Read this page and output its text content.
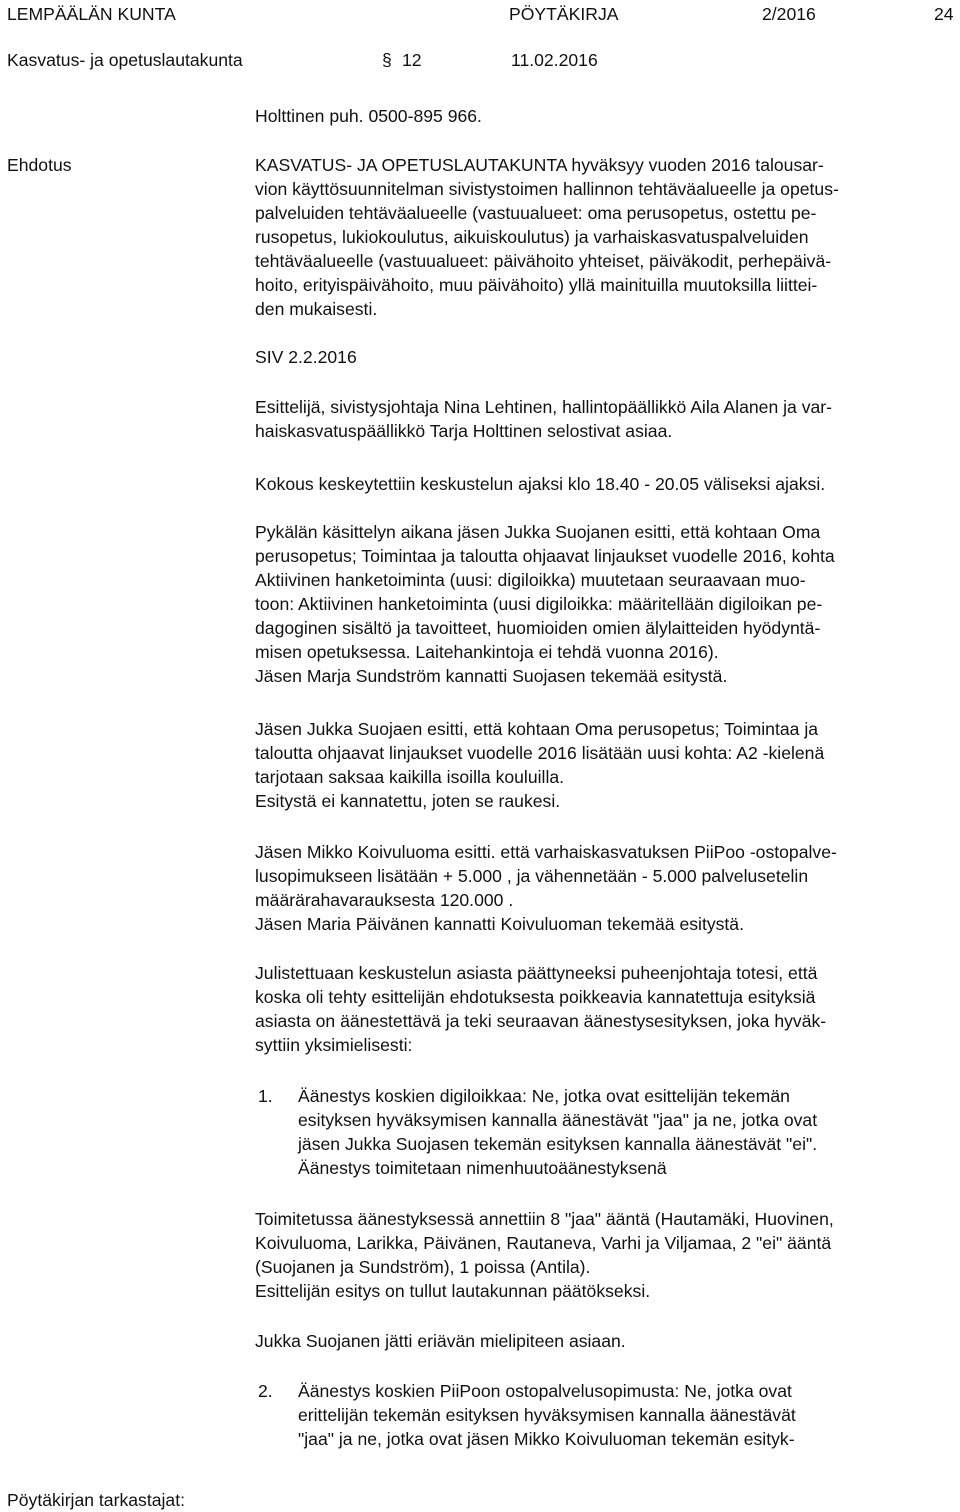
LEMPÄÄLÄN KUNTA	PÖYTÄKIRJA	2/2016	24
Kasvatus- ja opetuslautakunta	§ 12	11.02.2016
Holttinen puh. 0500-895 966.
Ehdotus	KASVATUS- JA OPETUSLAUTAKUNTA hyväksyy vuoden 2016 talousar-
vion käyttösuunnitelman sivistystoimen hallinnon tehtäväalueelle ja opetus-
palveluiden tehtäväalueelle (vastuualueet: oma perusopetus, ostettu pe-
rusopetus, lukiokoulutus, aikuiskoulutus) ja varhaiskasvatuspalveluiden
tehtäväalueelle (vastuualueet: päivähoito yhteiset, päiväkodit, perhepäivä-
hoito, erityispäivähoito, muu päivähoito) yllä mainituilla muutoksilla liittei-
den mukaisesti.
SIV 2.2.2016
Esittelijä, sivistysjohtaja Nina Lehtinen, hallintopäällikkö Aila Alanen ja var-
haiskasvatuspäällikkö Tarja Holttinen selostivat asiaa.
Kokous keskeytettiin keskustelun ajaksi klo 18.40 - 20.05 väliseksi ajaksi.
Pykälän käsittelyn aikana jäsen Jukka Suojanen esitti, että kohtaan Oma
perusopetus; Toimintaa ja taloutta ohjaavat linjaukset vuodelle 2016, kohta
Aktiivinen hanketoiminta (uusi: digiloikka) muutetaan seuraavaan muo-
toon: Aktiivinen hanketoiminta (uusi digiloikka: määritellään digiloikan pe-
dagoginen sisältö ja tavoitteet, huomioiden omien älylaitteiden hyödyntä-
misen opetuksessa. Laitehankintoja ei tehdä vuonna 2016).
Jäsen Marja Sundström kannatti Suojasen tekemää esitystä.
Jäsen Jukka Suojaen esitti, että kohtaan Oma perusopetus; Toimintaa ja
taloutta ohjaavat linjaukset vuodelle 2016 lisätään uusi kohta: A2 -kielenä
tarjotaan saksaa kaikilla isoilla kouluilla.
Esitystä ei kannatettu, joten se raukesi.
Jäsen Mikko Koivuluoma esitti. että varhaiskasvatuksen PiiPoo -ostopalve-
lusopimukseen lisätään + 5.000 , ja vähennetään - 5.000 palvelusetelin
määrärahavarauksesta 120.000 .
Jäsen Maria Päivänen kannatti Koivuluoman tekemää esitystä.
Julistettuaan keskustelun asiasta päättyneeksi puheenjohtaja totesi, että
koska oli tehty esittelijän ehdotuksesta poikkeavia kannatettuja esityksiä
asiasta on äänestettävä ja teki seuraavan äänestysesityksen, joka hyväk-
syttiin yksimielisesti:
1. Äänestys koskien digiloikkaa: Ne, jotka ovat esittelijän tekemän
esityksen hyväksymisen kannalla äänestävät "jaa" ja ne, jotka ovat
jäsen Jukka Suojasen tekemän esityksen kannalla äänestävät "ei".
Äänestys toimitetaan nimenhuutoäänestyksenä
Toimitetussa äänestyksessä annettiin 8 "jaa" ääntä (Hautamäki, Huovinen,
Koivuluoma, Larikka, Päivänen, Rautaneva, Varhi ja Viljamaa, 2 "ei" ääntä
(Suojanen ja Sundström), 1 poissa (Antila).
Esittelijän esitys on tullut lautakunnan päätökseksi.
Jukka Suojanen jätti eriävän mielipiteen asiaan.
2. Äänestys koskien PiiPoon ostopalvelusopimusta: Ne, jotka ovat
erittelijän tekemän esityksen hyväksymisen kannalla äänestävät
"jaa" ja ne, jotka ovat jäsen Mikko Koivuluoman tekemän esityk-
Pöytäkirjan tarkastajat:
